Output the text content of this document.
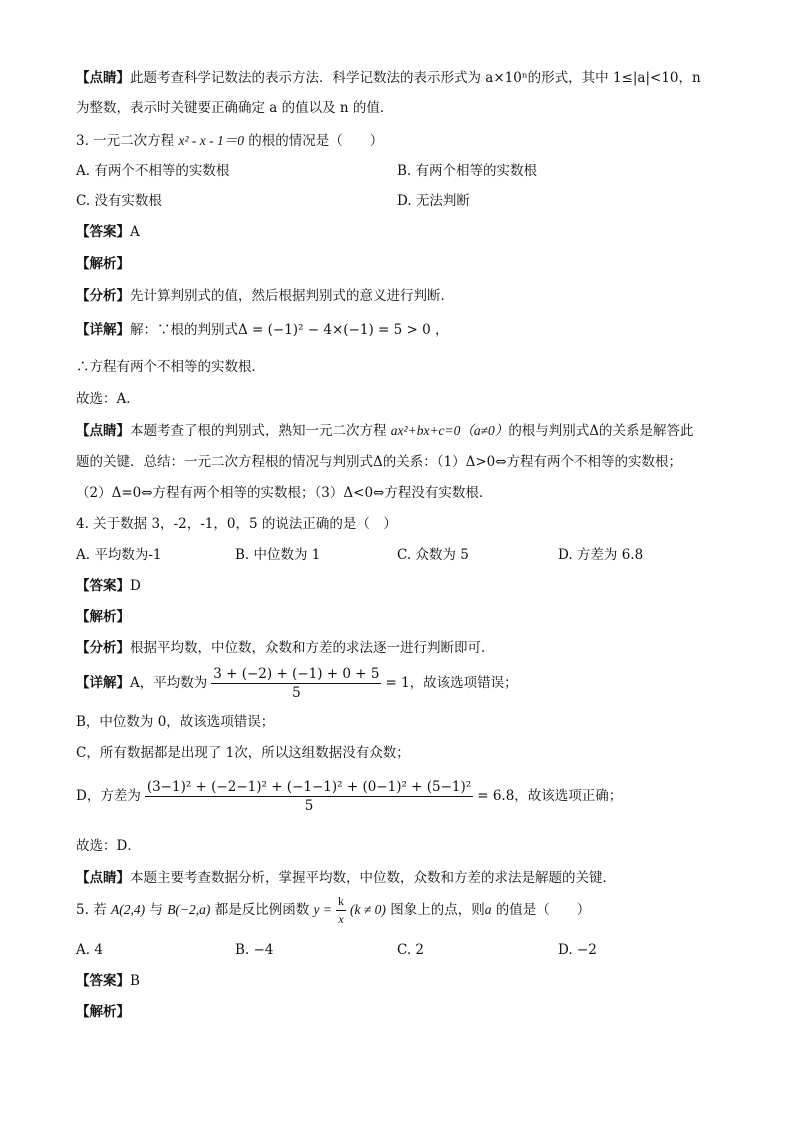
【点睛】此题考查科学记数法的表示方法．科学记数法的表示形式为 a×10ⁿ的形式，其中 1≤|a|<10，n
为整数，表示时关键要正确确定 a 的值以及 n 的值．
3. 一元二次方程 x² - x - 1＝0 的根的情况是（　　）
A. 有两个不相等的实数根	B. 有两个相等的实数根
C. 没有实数根	D. 无法判断
【答案】A
【解析】
【分析】先计算判别式的值，然后根据判别式的意义进行判断．
【详解】解：∵根的判别式Δ = (−1)² − 4×(−1) = 5 > 0 ，
∴方程有两个不相等的实数根．
故选：A．
【点睛】本题考查了根的判别式，熟知一元二次方程 ax²+bx+c=0（a≠0）的根与判别式Δ的关系是解答此
题的关键．总结：一元二次方程根的情况与判别式Δ的关系：（1）Δ>0⇔方程有两个不相等的实数根；
（2）Δ=0⇔方程有两个相等的实数根；（3）Δ<0⇔方程没有实数根．
4. 关于数据 3，-2，-1，0，5 的说法正确的是（　）
A. 平均数为-1	B. 中位数为 1	C. 众数为 5	D. 方差为 6.8
【答案】D
【解析】
【分析】根据平均数，中位数，众数和方差的求法逐一进行判断即可．
【详解】A，平均数为 $\frac{3 + (-2) + (-1) + 0 + 5}{5} = 1$，故该选项错误；
B，中位数为 0，故该选项错误；
C，所有数据都是出现了 1次，所以这组数据没有众数；
D，方差为 $\frac{\text{(3−1)² + (−2−1)² + (−1−1)² + (0−1)² + (5−1)²}}{5} = 6.8$，故该选项正确；
故选：D．
【点睛】本题主要考查数据分析，掌握平均数，中位数，众数和方差的求法是解题的关键．
5. 若 A(2,4) 与 B(−2,a) 都是反比例函数 $y = \frac{k}{x} (k \ne 0)$ 图象上的点，则a 的值是（　　）
A. 4	B. −4	C. 2	D. −2
【答案】B
【解析】
